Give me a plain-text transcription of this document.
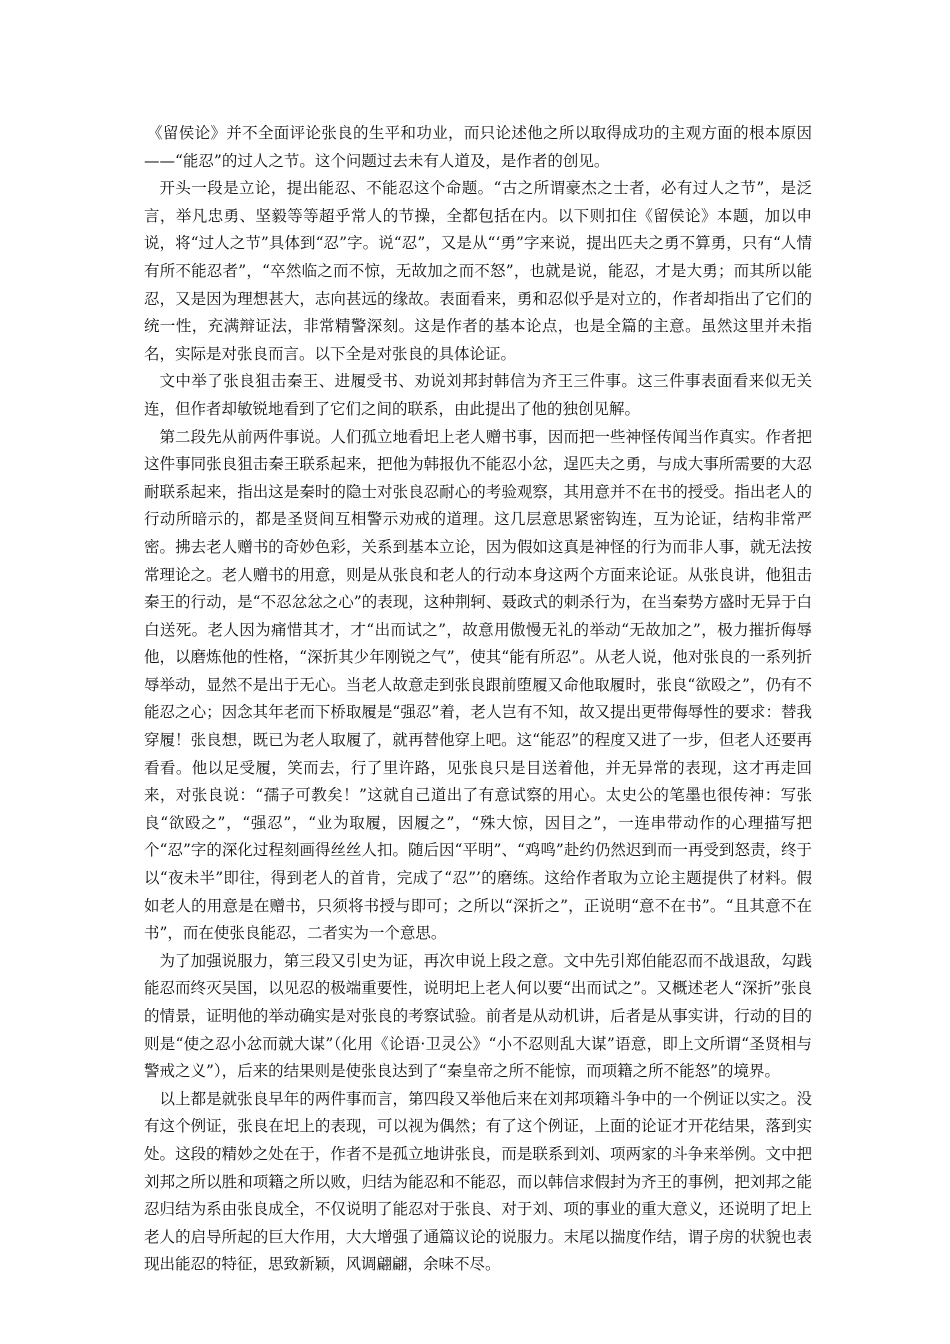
《留侯论》并不全面评论张良的生平和功业，而只论述他之所以取得成功的主观方面的根本原因——“能忍”的过人之节。这个问题过去未有人道及，是作者的创见。

开头一段是立论，提出能忍、不能忍这个命题。“古之所谓豪杰之士者，必有过人之节”，是泛言，举凡忠勇、坚毅等等超乎常人的节操，全都包括在内。以下则扣住《留侯论》本题，加以申说，将“过人之节”具体到“忍”字。说“忍”，又是从“‘勇”字来说，提出匹夫之勇不算勇，只有“人情有所不能忍者”，“卒然临之而不惊，无故加之而不怒”，也就是说，能忍，才是大勇；而其所以能忍，又是因为理想甚大，志向甚远的缘故。表面看来，勇和忍似乎是对立的，作者却指出了它们的统一性，充满辩证法，非常精警深刻。这是作者的基本论点，也是全篇的主意。虽然这里并未指名，实际是对张良而言。以下全是对张良的具体论证。

文中举了张良狙击秦王、进履受书、劝说刘邦封韩信为齐王三件事。这三件事表面看来似无关连，但作者却敏锐地看到了它们之间的联系，由此提出了他的独创见解。

第二段先从前两件事说。人们孤立地看圯上老人赠书事，因而把一些神怪传闻当作真实。作者把这件事同张良狙击秦王联系起来，把他为韩报仇不能忍小忿，逞匹夫之勇，与成大事所需要的大忍耐联系起来，指出这是秦时的隐士对张良忍耐心的考验观察，其用意并不在书的授受。指出老人的行动所暗示的，都是圣贤间互相警示劝戒的道理。这几层意思紧密钩连，互为论证，结构非常严密。拂去老人赠书的奇妙色彩，关系到基本立论，因为假如这真是神怪的行为而非人事，就无法按常理论之。老人赠书的用意，则是从张良和老人的行动本身这两个方面来论证。从张良讲，他狙击秦王的行动，是“不忍忿忿之心”的表现，这种荆轲、聂政式的刺杀行为，在当秦势方盛时无异于白白送死。老人因为痛惜其才，才“出而试之”，故意用傲慢无礼的举动“无故加之”，极力摧折侮辱他，以磨炼他的性格，“深折其少年刚锐之气”，使其“能有所忍”。从老人说，他对张良的一系列折辱举动，显然不是出于无心。当老人故意走到张良跟前堕履又命他取履时，张良“欲殴之”，仍有不能忍之心；因念其年老而下桥取履是“强忍”着，老人岂有不知，故又提出更带侮辱性的要求：替我穿履！张良想，既已为老人取履了，就再替他穿上吧。这“能忍”的程度又进了一步，但老人还要再看看。他以足受履，笑而去，行了里许路，见张良只是目送着他，并无异常的表现，这才再走回来，对张良说：“孺子可教矣！”这就自己道出了有意试察的用心。太史公的笔墨也很传神：写张良“欲殴之”，“强忍”，“业为取履，因履之”，“殊大惊，因目之”，一连串带动作的心理描写把个“忍”字的深化过程刻画得丝丝人扣。随后因“平明”、“鸡鸣”赴约仍然迟到而一再受到怒责，终于以“夜未半”即往，得到老人的首肯，完成了“忍”’的磨练。这给作者取为立论主题提供了材料。假如老人的用意是在赠书，只须将书授与即可；之所以“深折之”，正说明“意不在书”。“且其意不在书”，而在使张良能忍，二者实为一个意思。

为了加强说服力，第三段又引史为证，再次申说上段之意。文中先引郑伯能忍而不战退敌，勾践能忍而终灭吴国，以见忍的极端重要性，说明圯上老人何以要“出而试之”。又概述老人“深折”张良的情景，证明他的举动确实是对张良的考察试验。前者是从动机讲，后者是从事实讲，行动的目的则是“使之忍小忿而就大谋”（化用《论语·卫灵公》“小不忍则乱大谋”语意，即上文所谓“圣贤相与警戒之义”），后来的结果则是使张良达到了“秦皇帝之所不能惊，而项籍之所不能怒”的境界。

以上都是就张良早年的两件事而言，第四段又举他后来在刘邦项籍斗争中的一个例证以实之。没有这个例证，张良在圯上的表现，可以视为偶然；有了这个例证，上面的论证才开花结果，落到实处。这段的精妙之处在于，作者不是孤立地讲张良，而是联系到刘、项两家的斗争来举例。文中把刘邦之所以胜和项籍之所以败，归结为能忍和不能忍，而以韩信求假封为齐王的事例，把刘邦之能忍归结为系由张良成全，不仅说明了能忍对于张良、对于刘、项的事业的重大意义，还说明了圯上老人的启导所起的巨大作用，大大增强了通篇议论的说服力。末尾以揣度作结，谓子房的状貌也表现出能忍的特征，思致新颖，风调翩翩，余味不尽。
